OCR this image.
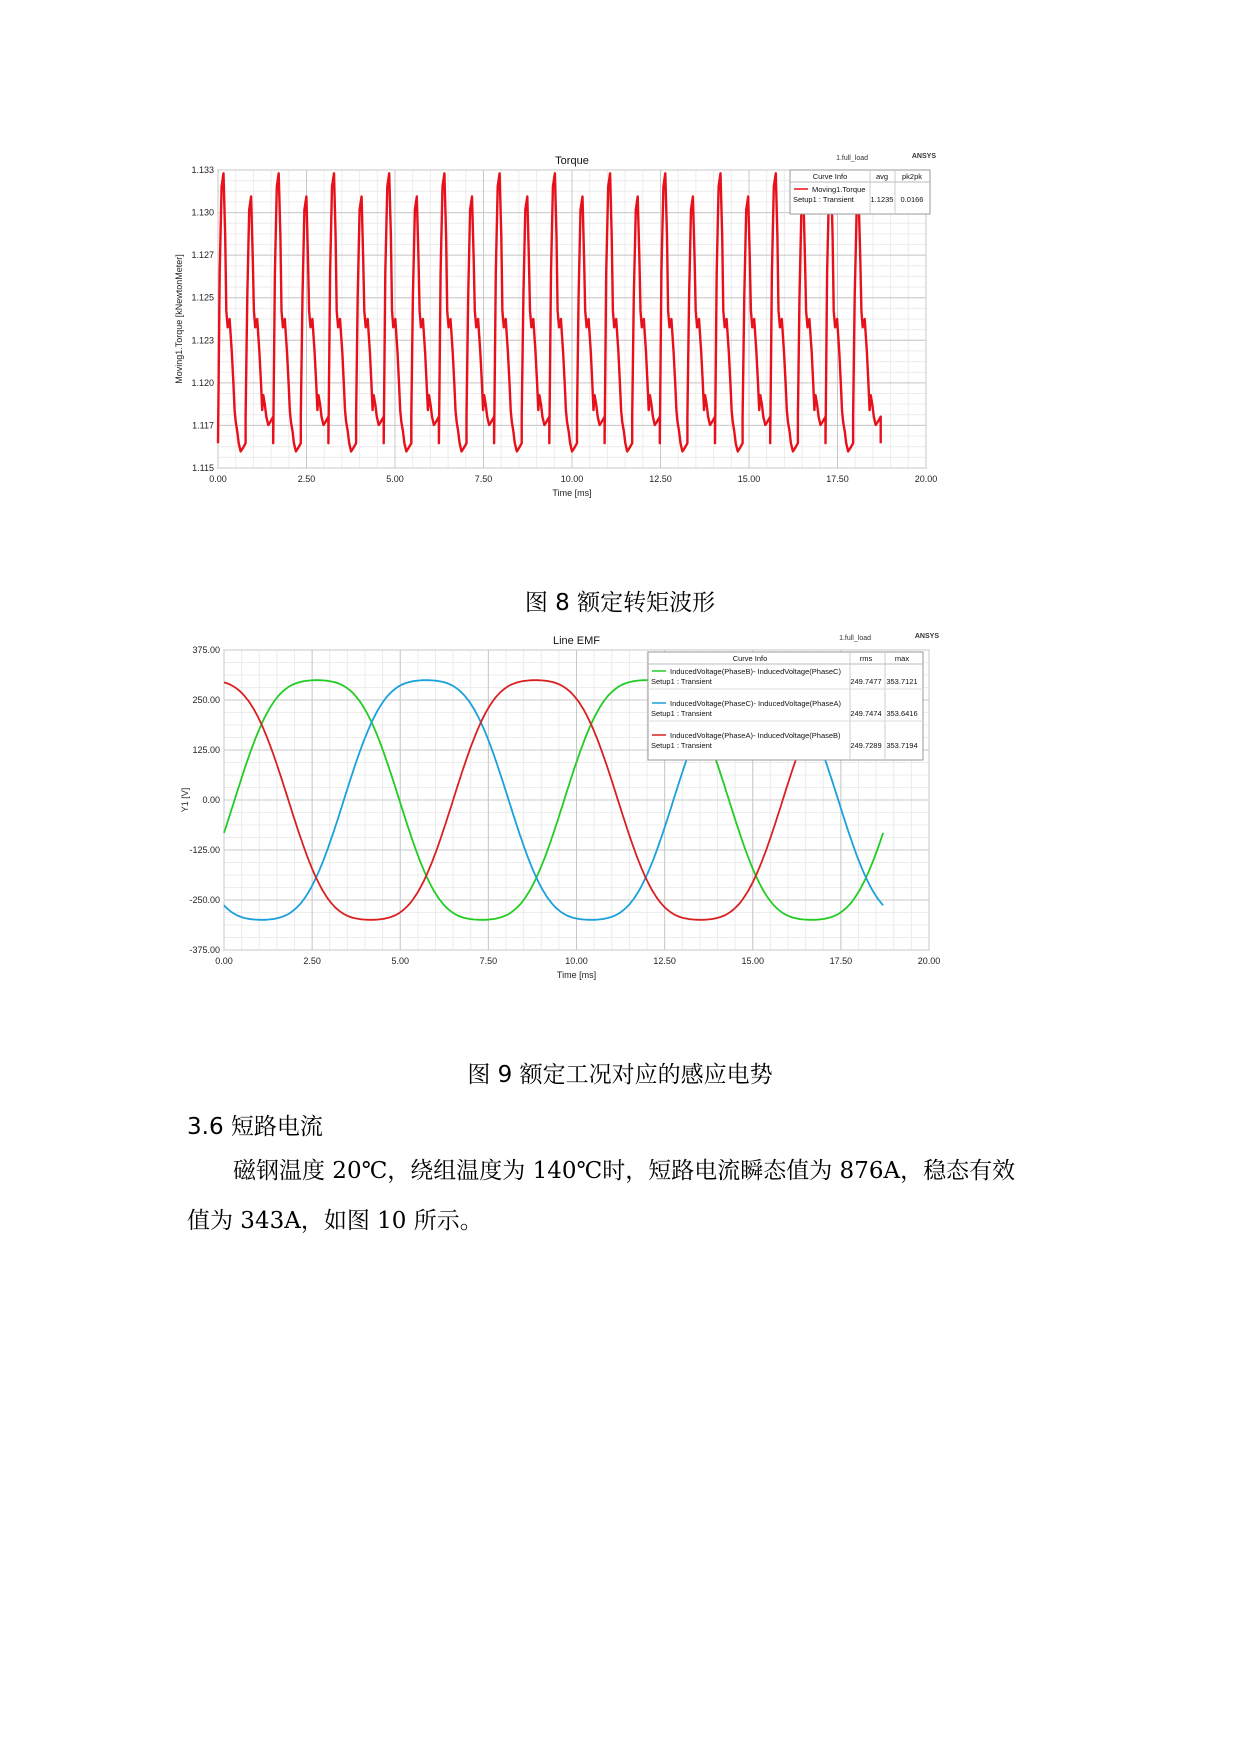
0.00	2.50	5.00	7.50	10.00	12.50	15.00	17.50	20.00
1.115
1.117
1.120
1.123
1.125
1.127
1.130
1.133
Torque
Time [ms]
Moving1.Torque [kNewtonMeter]
1.full_load	ANSYS
Curve Info	avg pk2pk
Moving1.Torque
Setup1 : Transient 1.1235 0.0166
图 8 额定转矩波形
0.00	2.50	5.00	7.50	10.00	12.50	15.00	17.50	20.00
-375.00
-250.00
-125.00
0.00
125.00
250.00
375.00
Line EMF
Time [ms]
Y1 [V]
1.full_load	ANSYS
Curve Info	rms	max
InducedVoltage(PhaseB)- InducedVoltage(PhaseC)
Setup1 : Transient	249.7477 353.7121
InducedVoltage(PhaseC)- InducedVoltage(PhaseA)
Setup1 : Transient	249.7474 353.6416
InducedVoltage(PhaseA)- InducedVoltage(PhaseB)
Setup1 : Transient	249.7289 353.7194
图 9 额定工况对应的感应电势
3.6 短路电流
磁钢温度 20℃，绕组温度为 140℃时，短路电流瞬态值为 876A，稳态有效
值为 343A，如图 10 所示。
